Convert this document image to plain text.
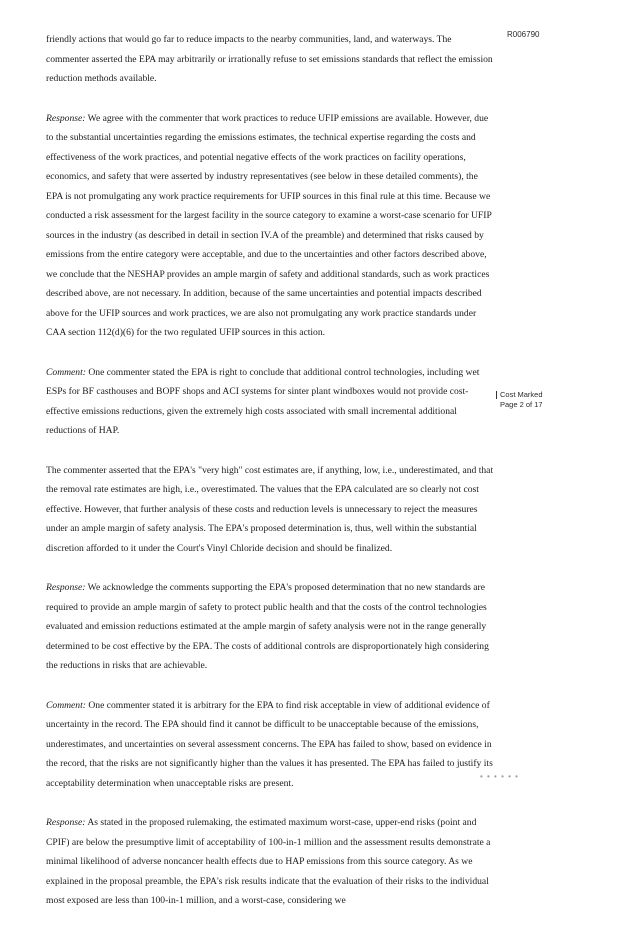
R006790

friendly actions that would go far to reduce impacts to the nearby communities, land, and waterways. The commenter asserted the EPA may arbitrarily or irrationally refuse to set emissions standards that reflect the emission reduction methods available.

Response: We agree with the commenter that work practices to reduce UFIP emissions are available. However, due to the substantial uncertainties regarding the emissions estimates, the technical expertise regarding the costs and effectiveness of the work practices, and potential negative effects of the work practices on facility operations, economics, and safety that were asserted by industry representatives (see below in these detailed comments), the EPA is not promulgating any work practice requirements for UFIP sources in this final rule at this time. Because we conducted a risk assessment for the largest facility in the source category to examine a worst-case scenario for UFIP sources in the industry (as described in detail in section IV.A of the preamble) and determined that risks caused by emissions from the entire category were acceptable, and due to the uncertainties and other factors described above, we conclude that the NESHAP provides an ample margin of safety and additional standards, such as work practices described above, are not necessary. In addition, because of the same uncertainties and potential impacts described above for the UFIP sources and work practices, we are also not promulgating any work practice standards under CAA section 112(d)(6) for the two regulated UFIP sources in this action.

Comment: One commenter stated the EPA is right to conclude that additional control technologies, including wet ESPs for BF casthouses and BOPF shops and ACI systems for sinter plant windboxes would not provide cost-effective emissions reductions, given the extremely high costs associated with small incremental additional reductions of HAP.

The commenter asserted that the EPA's "very high" cost estimates are, if anything, low, i.e., underestimated, and that the removal rate estimates are high, i.e., overestimated. The values that the EPA calculated are so clearly not cost effective. However, that further analysis of these costs and reduction levels is unnecessary to reject the measures under an ample margin of safety analysis. The EPA's proposed determination is, thus, well within the substantial discretion afforded to it under the Court's Vinyl Chloride decision and should be finalized.

Response: We acknowledge the comments supporting the EPA's proposed determination that no new standards are required to provide an ample margin of safety to protect public health and that the costs of the control technologies evaluated and emission reductions estimated at the ample margin of safety analysis were not in the range generally determined to be cost effective by the EPA. The costs of additional controls are disproportionately high considering the reductions in risks that are achievable.

Comment: One commenter stated it is arbitrary for the EPA to find risk acceptable in view of additional evidence of uncertainty in the record. The EPA should find it cannot be difficult to be unacceptable because of the emissions, underestimates, and uncertainties on several assessment concerns. The EPA has failed to show, based on evidence in the record, that the risks are not significantly higher than the values it has presented. The EPA has failed to justify its acceptability determination when unacceptable risks are present.

Response: As stated in the proposed rulemaking, the estimated maximum worst-case, upper-end risks (point and CPIF) are below the presumptive limit of acceptability of 100-in-1 million and the assessment results demonstrate a minimal likelihood of adverse noncancer health effects due to HAP emissions from this source category. As we explained in the proposal preamble, the EPA's risk results indicate that the evaluation of their risks to the individual most exposed are less than 100-in-1 million, and a worst-case, considering we

Cost Marked
Page 2 of 17
• • • • • •
